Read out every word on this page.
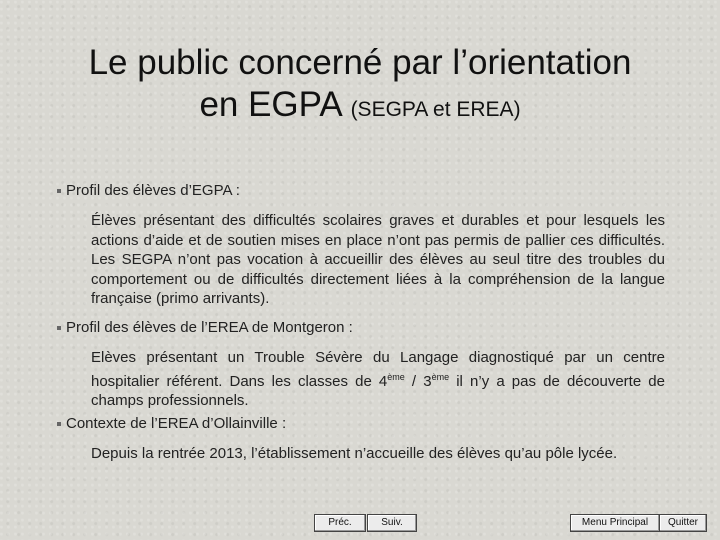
Le public concerné par l’orientation
en EGPA (SEGPA et EREA)
Profil des élèves d’EGPA :
Élèves présentant des difficultés scolaires graves et durables et pour lesquels les actions d’aide et de soutien mises en place n’ont pas permis de pallier ces difficultés. Les SEGPA n’ont pas vocation à accueillir des élèves au seul titre des troubles du comportement ou de difficultés directement liées à la compréhension de la langue française (primo arrivants).
Profil des élèves de l’EREA de Montgeron :
Elèves présentant un Trouble Sévère du Langage diagnostiqué par un centre hospitalier référent. Dans les classes de 4ème / 3ème il n’y a pas de découverte de champs professionnels.
Contexte de l’EREA d’Ollainville :
Depuis la rentrée 2013, l’établissement n’accueille des élèves qu’au pôle lycée.
Préc.	Suiv.	Menu Principal	Quitter
